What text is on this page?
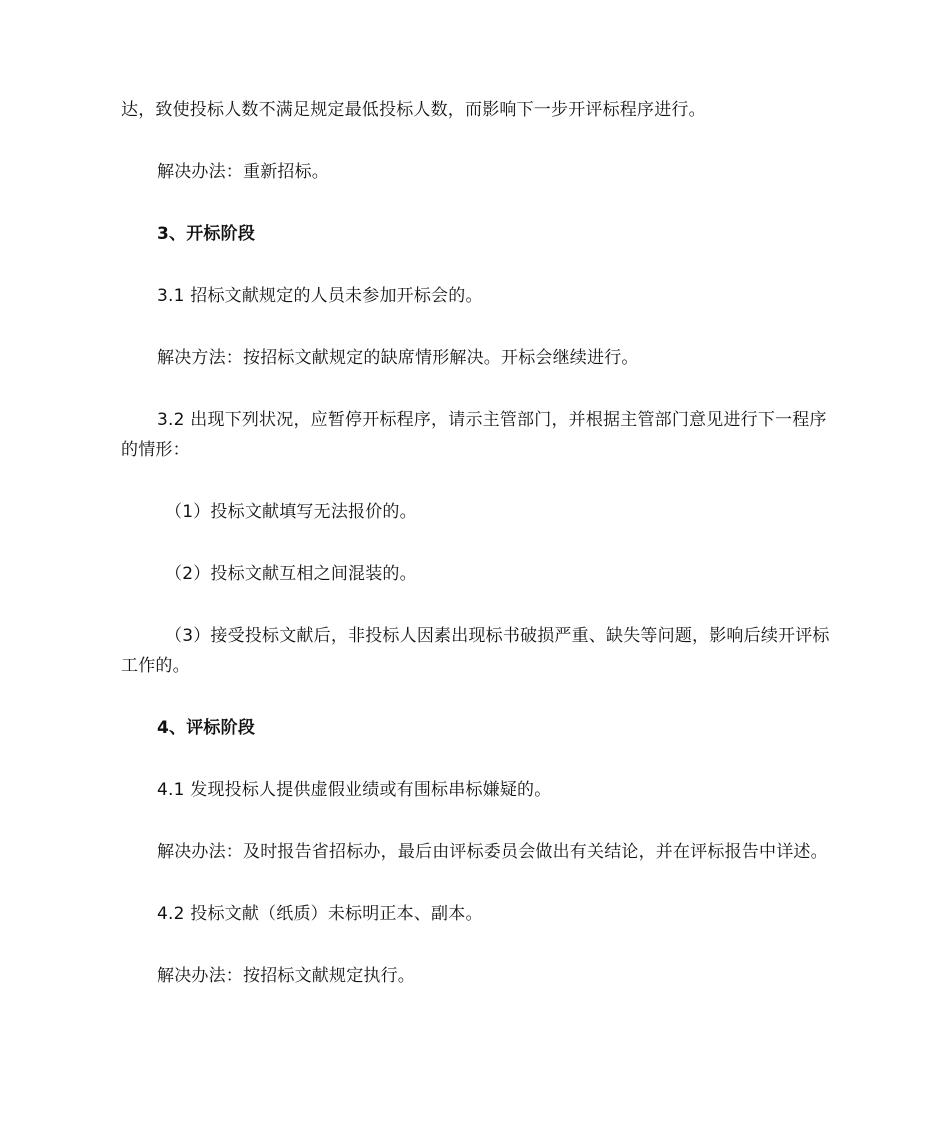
达，致使投标人数不满足规定最低投标人数，而影响下一步开评标程序进行。

解决办法：重新招标。

3、开标阶段

3.1 招标文献规定的人员未参加开标会的。

解决方法：按招标文献规定的缺席情形解决。开标会继续进行。

3.2 出现下列状况，应暂停开标程序，请示主管部门，并根据主管部门意见进行下一程序的情形：

（1）投标文献填写无法报价的。

（2）投标文献互相之间混装的。

（3）接受投标文献后，非投标人因素出现标书破损严重、缺失等问题，影响后续开评标工作的。

4、评标阶段

4.1 发现投标人提供虚假业绩或有围标串标嫌疑的。

解决办法：及时报告省招标办，最后由评标委员会做出有关结论，并在评标报告中详述。

4.2 投标文献（纸质）未标明正本、副本。

解决办法：按招标文献规定执行。
